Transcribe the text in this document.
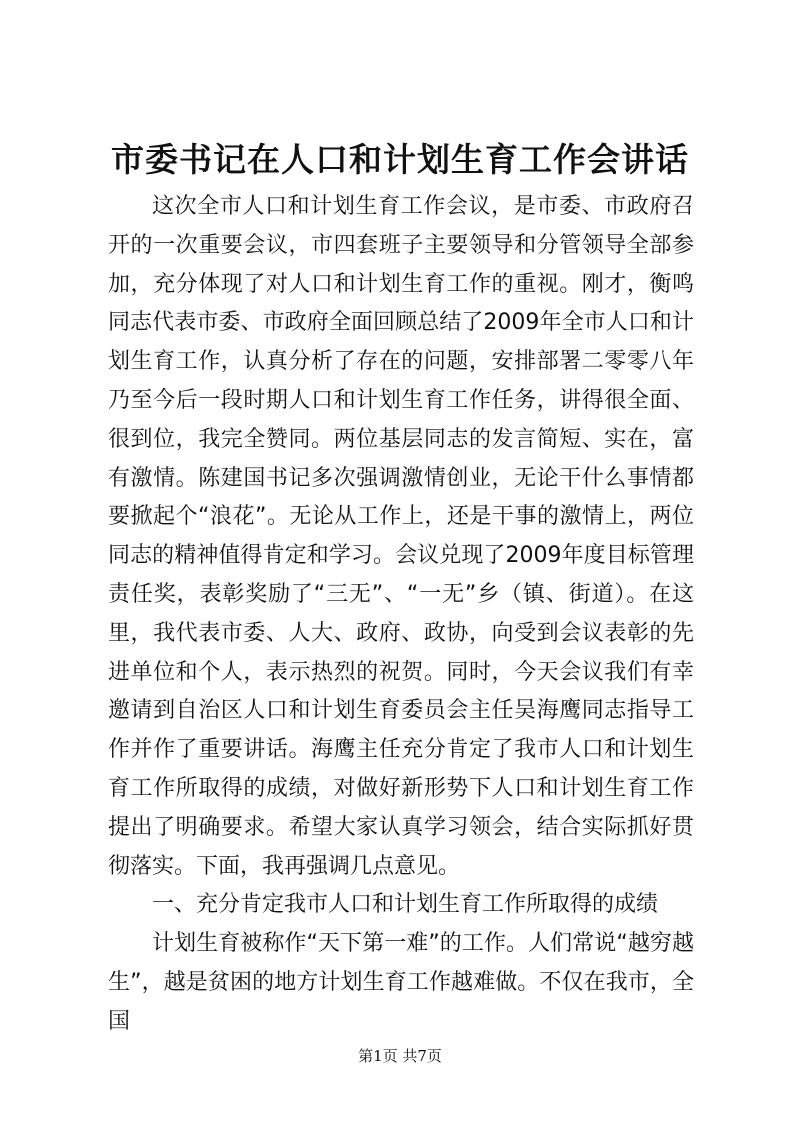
市委书记在人口和计划生育工作会讲话

这次全市人口和计划生育工作会议，是市委、市政府召开的一次重要会议，市四套班子主要领导和分管领导全部参加，充分体现了对人口和计划生育工作的重视。刚才，衡鸣同志代表市委、市政府全面回顾总结了2009年全市人口和计划生育工作，认真分析了存在的问题，安排部署二零零八年乃至今后一段时期人口和计划生育工作任务，讲得很全面、很到位，我完全赞同。两位基层同志的发言简短、实在，富有激情。陈建国书记多次强调激情创业，无论干什么事情都要掀起个“浪花”。无论从工作上，还是干事的激情上，两位同志的精神值得肯定和学习。会议兑现了2009年度目标管理责任奖，表彰奖励了“三无”、“一无”乡（镇、街道）。在这里，我代表市委、人大、政府、政协，向受到会议表彰的先进单位和个人，表示热烈的祝贺。同时，今天会议我们有幸邀请到自治区人口和计划生育委员会主任吴海鹰同志指导工作并作了重要讲话。海鹰主任充分肯定了我市人口和计划生育工作所取得的成绩，对做好新形势下人口和计划生育工作提出了明确要求。希望大家认真学习领会，结合实际抓好贯彻落实。下面，我再强调几点意见。

一、充分肯定我市人口和计划生育工作所取得的成绩

计划生育被称作“天下第一难”的工作。人们常说“越穷越生”，越是贫困的地方计划生育工作越难做。不仅在我市，全国

第1页 共7页
